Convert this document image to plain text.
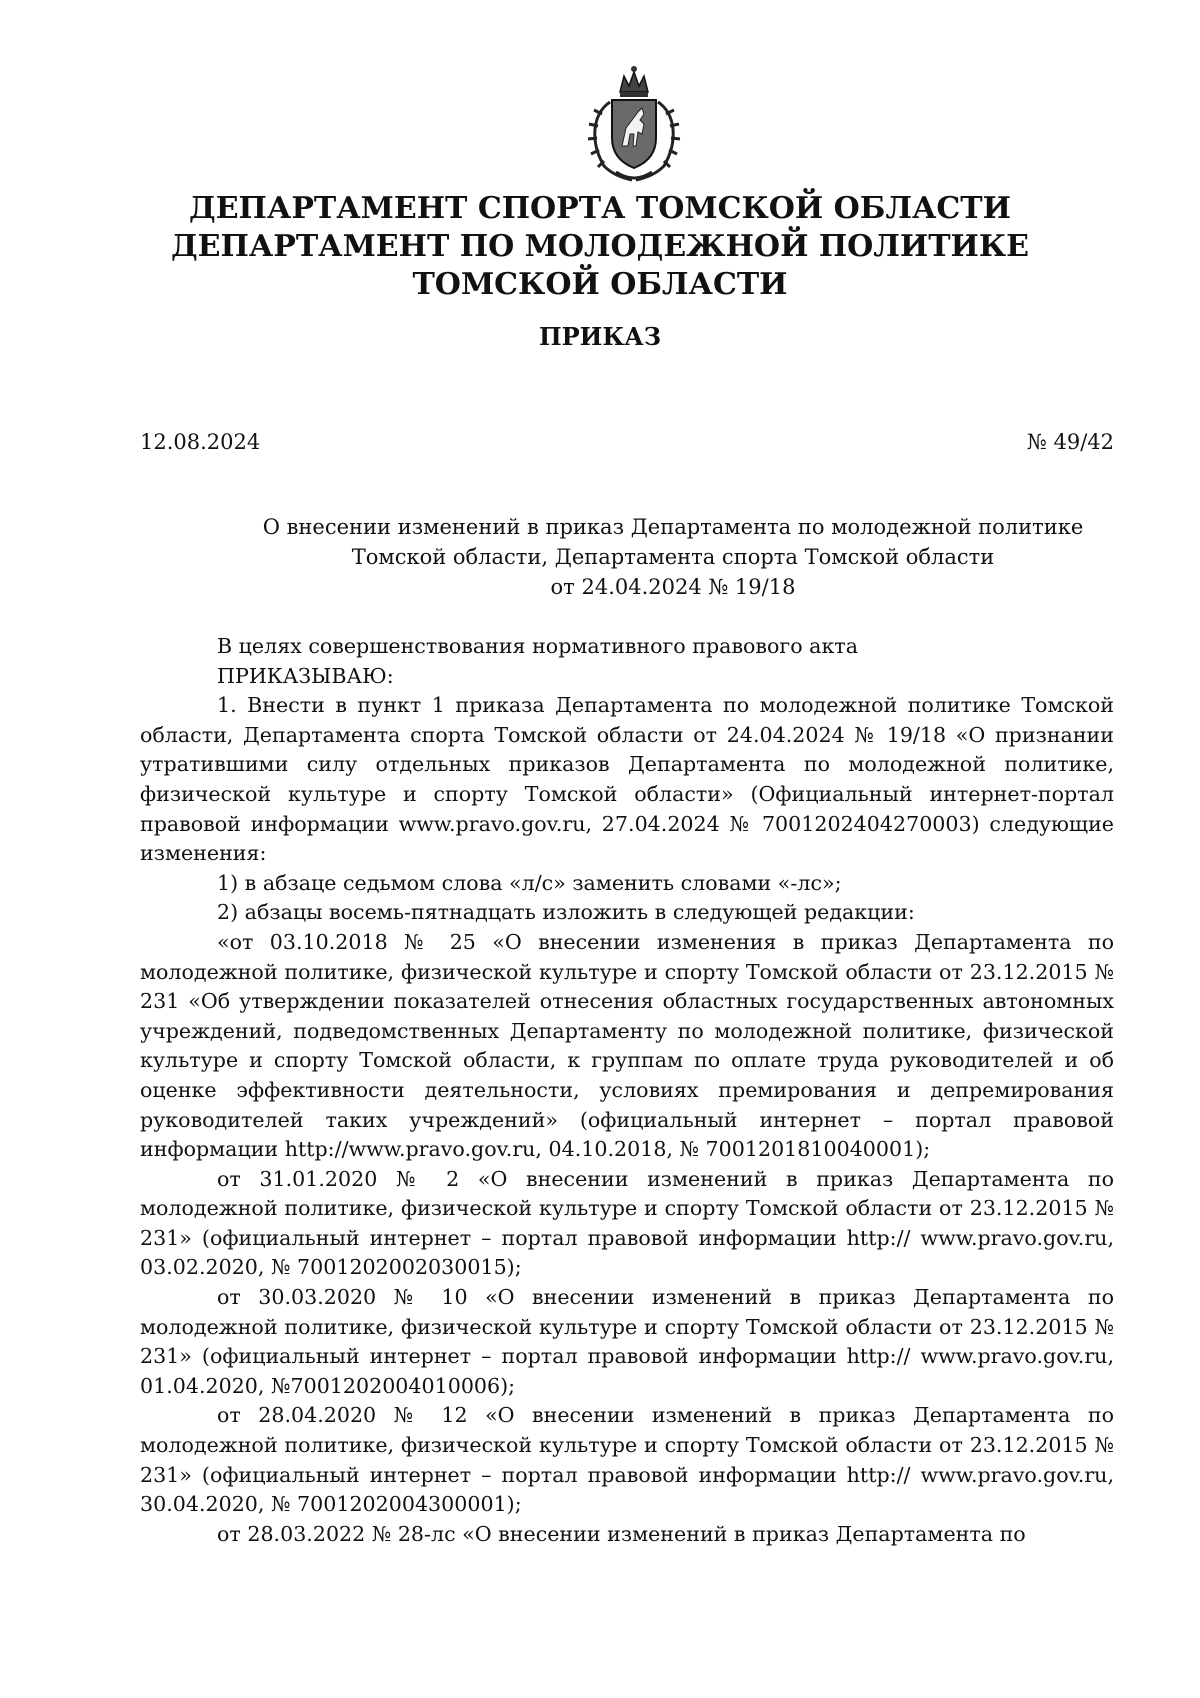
ДЕПАРТАМЕНТ СПОРТА ТОМСКОЙ ОБЛАСТИ
ДЕПАРТАМЕНТ ПО МОЛОДЕЖНОЙ ПОЛИТИКЕ
ТОМСКОЙ ОБЛАСТИ
ПРИКАЗ
12.08.2024	№ 49/42
О внесении изменений в приказ Департамента по молодежной политике
Томской области, Департамента спорта Томской области
от 24.04.2024 № 19/18

В целях совершенствования нормативного правового акта

ПРИКАЗЫВАЮ:

1. Внести в пункт 1 приказа Департамента по молодежной политике Томской области, Департамента спорта Томской области от 24.04.2024 № 19/18 «О признании утратившими силу отдельных приказов Департамента по молодежной политике, физической культуре и спорту Томской области» (Официальный интернет-портал правовой информации www.pravo.gov.ru, 27.04.2024 № 7001202404270003) следующие изменения:

1) в абзаце седьмом слова «л/с» заменить словами «-лс»;

2) абзацы восемь-пятнадцать изложить в следующей редакции:

«от 03.10.2018 № 25 «О внесении изменения в приказ Департамента по молодежной политике, физической культуре и спорту Томской области от 23.12.2015 № 231 «Об утверждении показателей отнесения областных государственных автономных учреждений, подведомственных Департаменту по молодежной политике, физической культуре и спорту Томской области, к группам по оплате труда руководителей и об оценке эффективности деятельности, условиях премирования и депремирования руководителей таких учреждений» (официальный интернет – портал правовой информации http://www.pravo.gov.ru, 04.10.2018, № 7001201810040001);

от 31.01.2020 № 2 «О внесении изменений в приказ Департамента по молодежной политике, физической культуре и спорту Томской области от 23.12.2015 № 231» (официальный интернет – портал правовой информации http:// www.pravo.gov.ru, 03.02.2020, № 7001202002030015);

от 30.03.2020 № 10 «О внесении изменений в приказ Департамента по молодежной политике, физической культуре и спорту Томской области от 23.12.2015 № 231» (официальный интернет – портал правовой информации http:// www.pravo.gov.ru, 01.04.2020, №7001202004010006);

от 28.04.2020 № 12 «О внесении изменений в приказ Департамента по молодежной политике, физической культуре и спорту Томской области от 23.12.2015 № 231» (официальный интернет – портал правовой информации http:// www.pravo.gov.ru, 30.04.2020, № 7001202004300001);

от 28.03.2022 № 28-лс «О внесении изменений в приказ Департамента по
